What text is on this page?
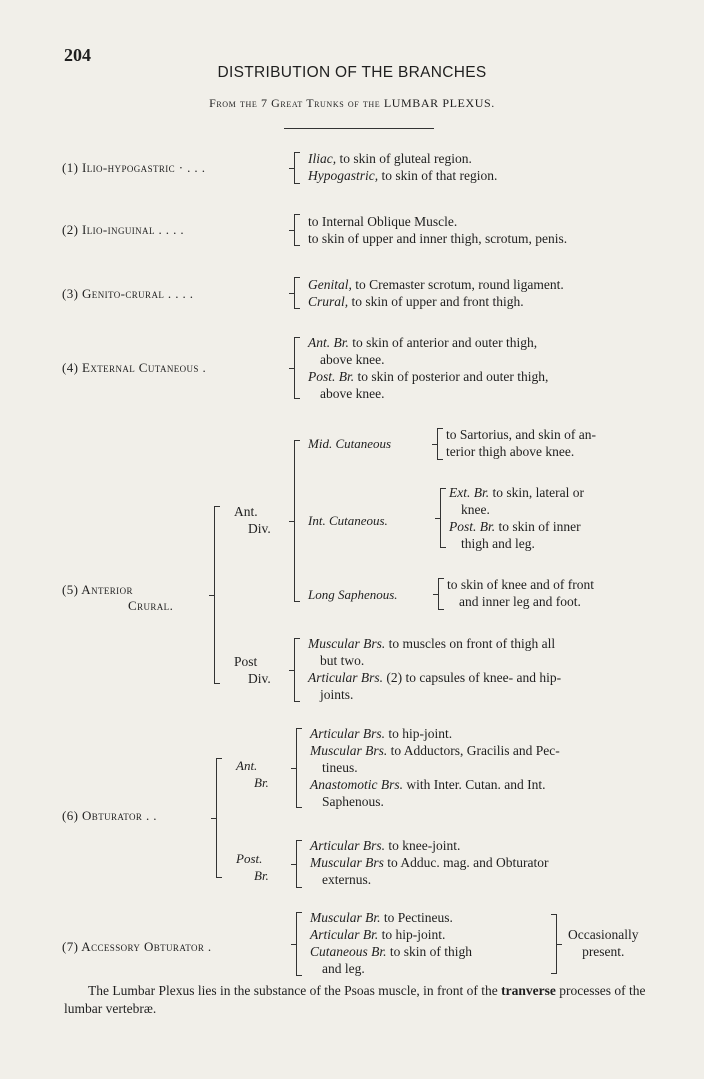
204
DISTRIBUTION OF THE BRANCHES
From the 7 Great Trunks of the LUMBAR PLEXUS.
(1) Ilio-hypogastric · . . .
Iliac, to skin of gluteal region.
Hypogastric, to skin of that region.
(2) Ilio-inguinal . . . .
to Internal Oblique Muscle.
to skin of upper and inner thigh, scrotum, penis.
(3) Genito-crural . . . .
Genital, to Cremaster scrotum, round ligament.
Crural, to skin of upper and front thigh.
(4) External Cutaneous .
Ant. Br. to skin of anterior and outer thigh,
above knee.
Post. Br. to skin of posterior and outer thigh,
above knee.
(5) Anterior
Crural.
Ant.
Div.
Mid. Cutaneous
to Sartorius, and skin of an-
terior thigh above knee.
Int. Cutaneous.
Ext. Br. to skin, lateral or
knee.
Post. Br. to skin of inner
thigh and leg.
Long Saphenous.
to skin of knee and of front
and inner leg and foot.
Post
Div.
Muscular Brs. to muscles on front of thigh all
but two.
Articular Brs. (2) to capsules of knee- and hip-
joints.
(6) Obturator . .
Ant.
Br.
Articular Brs. to hip-joint.
Muscular Brs. to Adductors, Gracilis and Pec-
tineus.
Anastomotic Brs. with Inter. Cutan. and Int.
Saphenous.
Post.
Br.
Articular Brs. to knee-joint.
Muscular Brs to Adduc. mag. and Obturator
externus.
(7) Accessory Obturator .
Muscular Br. to Pectineus.
Articular Br. to hip-joint.
Cutaneous Br. to skin of thigh
and leg.
Occasionally
present.
The Lumbar Plexus lies in the substance of the Psoas muscle, in front of the tranverse processes of the lumbar vertebræ.
